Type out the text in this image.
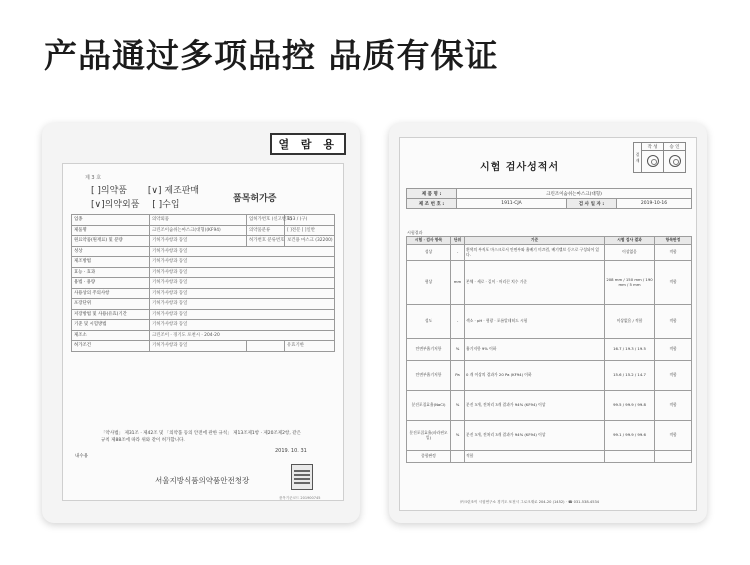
产品通过多项品控 品质有保证
열 람 용
제 3 호
[ ]의약품 [∨] 제조판매
[∨]의약외품 [ ]수입
품목허가증
업종	의약외품	업허가번호 (신고번호)	353 / (구)
제품명	크린조이숨쉬는마스크(대형)(KF94)	의약품분류	[ ]전문 [ ]일반
원료약품(원재료) 및 분량	기허가사항과 동일	허가번호 분류번호	보건용 마스크 (32200)
성상	기허가사항과 동일		
제조방법	기허가사항과 동일		
효능 · 효과	기허가사항과 동일		
용법 · 용량	기허가사항과 동일		
사용상의 주의사항	기허가사항과 동일		
포장단위	기허가사항과 동일		
저장방법 및 사용(유효)기간	기허가사항과 동일		
기준 및 시험방법	기허가사항과 동일		
제조소	크린조이 · 경기도 포천시 · 204-20		
허가조건	기허가사항과 동일		유효기한
「약사법」 제31조 · 제42조 및 「의약품 등의 안전에 관한 규칙」 제13조제1항 · 제20조제2항, 같은 규칙 제88조에 따라 위와 같이 허가합니다.
내수용
2019. 10. 31
서울지방식품의약품안전청장
품목기준코드 201900745
결재	작 성	승 인

시험 검사성적서
제 품 명 :	크린조이숨쉬는마스크(대형)		
제 조 번 호 :	1911-CJA	검 사 일 자 :	2019-10-16
시험결과
시험 · 검사 항목	단위	기준	시험 검사 결과	항목판정
성상	-	흰색의 부직포 마스크로서 안면부와 흡배기 미끄럼, 배기밸브 등으로 구성되어 있다.	이상없음	적합
형상	mm	본체 · 세로 · 길이 · 머리끈 치수 기준	208 mm / 150 mm / 190 mm / 5 mm	적합
성도	-	색소 · pH · 형광 · 포름알데히드 시험	이상없음 / 적합	적합
안면부흡기저항	%	흡기저항 9% 이하	16.7 / 19.3 / 19.5	적합
안면부흡기저항	Pa	0 개 이상의 결과가 20 Pa (KF94) 이하	15.6 / 15.2 / 14.7	적합
분진포집효율(NaCl)	%	분진 3개, 전처리 3개 결과가 94% (KF94) 이상	99.5 / 99.9 / 99.8	적합
분진포집효율(파라핀오일)	%	분진 3개, 전처리 3개 결과가 94% (KF94) 이상	99.1 / 99.9 / 99.6	적합
종합판정		적합		
㈜크린조이 시험연구소 경기도 포천시 그로크재로 204-20 (1452) · ☎ 031-538-4534
